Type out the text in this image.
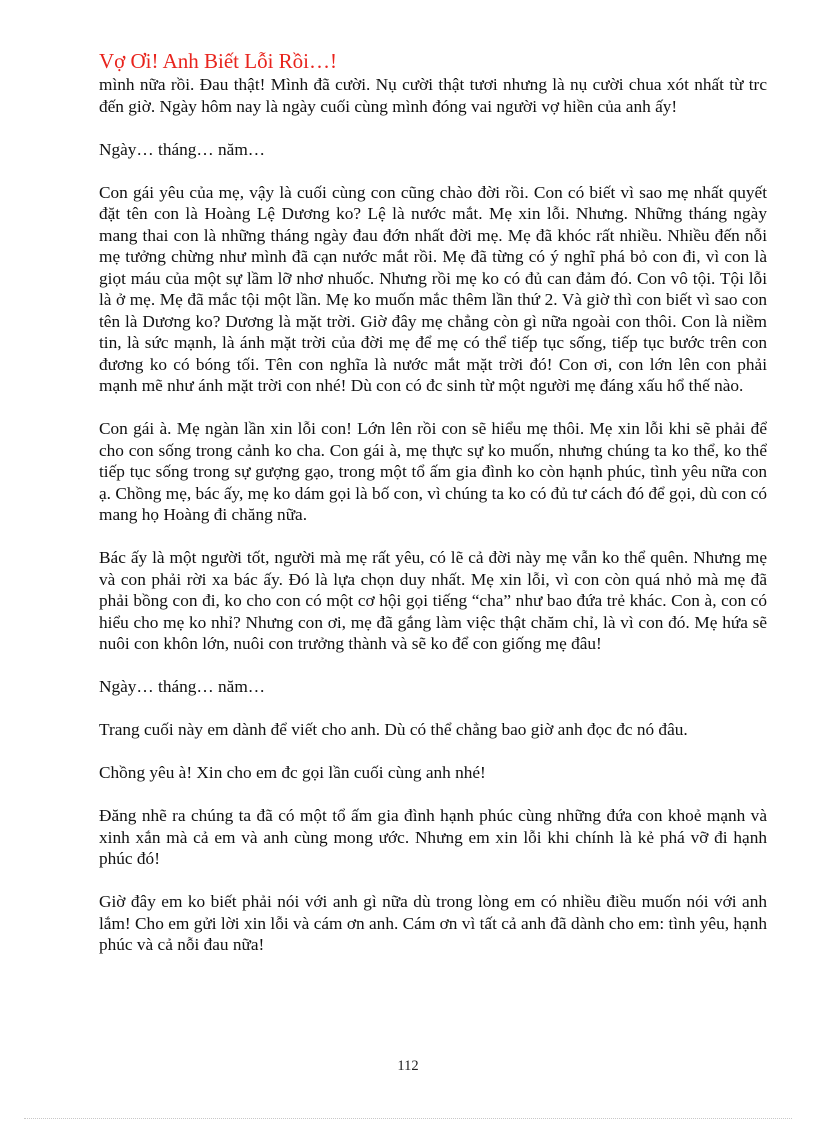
Vợ Ơi! Anh Biết Lỗi Rồi…!

mình nữa rồi. Đau thật! Mình đã cười. Nụ cười thật tươi nhưng là nụ cười chua xót nhất từ trc đến giờ. Ngày hôm nay là ngày cuối cùng mình đóng vai người vợ hiền của anh ấy!

Ngày… tháng… năm…

Con gái yêu của mẹ, vậy là cuối cùng con cũng chào đời rồi. Con có biết vì sao mẹ nhất quyết đặt tên con là Hoàng Lệ Dương ko? Lệ là nước mắt. Mẹ xin lỗi. Nhưng. Những tháng ngày mang thai con là những tháng ngày đau đớn nhất đời mẹ. Mẹ đã khóc rất nhiều. Nhiều đến nỗi mẹ tưởng chừng như mình đã cạn nước mắt rồi. Mẹ đã từng có ý nghĩ phá bỏ con đi, vì con là giọt máu của một sự lầm lỡ nhơ nhuốc. Nhưng rồi mẹ ko có đủ can đảm đó. Con vô tội. Tội lỗi là ở mẹ. Mẹ đã mắc tội một lần. Mẹ ko muốn mắc thêm lần thứ 2. Và giờ thì con biết vì sao con tên là Dương ko? Dương là mặt trời. Giờ đây mẹ chẳng còn gì nữa ngoài con thôi. Con là niềm tin, là sức mạnh, là ánh mặt trời của đời mẹ để mẹ có thể tiếp tục sống, tiếp tục bước trên con đương ko có bóng tối. Tên con nghĩa là nước mắt mặt trời đó! Con ơi, con lớn lên con phải mạnh mẽ như ánh mặt trời con nhé! Dù con có đc sinh từ một người mẹ đáng xấu hổ thế nào.

Con gái à. Mẹ ngàn lần xin lỗi con! Lớn lên rồi con sẽ hiểu mẹ thôi. Mẹ xin lỗi khi sẽ phải để cho con sống trong cảnh ko cha. Con gái à, mẹ thực sự ko muốn, nhưng chúng ta ko thể, ko thể tiếp tục sống trong sự gượng gạo, trong một tổ ấm gia đình ko còn hạnh phúc, tình yêu nữa con ạ. Chồng mẹ, bác ấy, mẹ ko dám gọi là bố con, vì chúng ta ko có đủ tư cách đó để gọi, dù con có mang họ Hoàng đi chăng nữa.

Bác ấy là một người tốt, người mà mẹ rất yêu, có lẽ cả đời này mẹ vẫn ko thể quên. Nhưng mẹ và con phải rời xa bác ấy. Đó là lựa chọn duy nhất. Mẹ xin lỗi, vì con còn quá nhỏ mà mẹ đã phải bồng con đi, ko cho con có một cơ hội gọi tiếng “cha” như bao đứa trẻ khác. Con à, con có hiểu cho mẹ ko nhỉ? Nhưng con ơi, mẹ đã gắng làm việc thật chăm chỉ, là vì con đó. Mẹ hứa sẽ nuôi con khôn lớn, nuôi con trưởng thành và sẽ ko để con giống mẹ đâu!

Ngày… tháng… năm…

Trang cuối này em dành để viết cho anh. Dù có thể chẳng bao giờ anh đọc đc nó đâu.

Chồng yêu à! Xin cho em đc gọi lần cuối cùng anh nhé!

Đăng nhẽ ra chúng ta đã có một tổ ấm gia đình hạnh phúc cùng những đứa con khoẻ mạnh và xinh xắn mà cả em và anh cùng mong ước. Nhưng em xin lỗi khi chính là kẻ phá vỡ đi hạnh phúc đó!

Giờ đây em ko biết phải nói với anh gì nữa dù trong lòng em có nhiều điều muốn nói với anh lắm! Cho em gửi lời xin lỗi và cám ơn anh. Cám ơn vì tất cả anh đã dành cho em: tình yêu, hạnh phúc và cả nỗi đau nữa!

112
